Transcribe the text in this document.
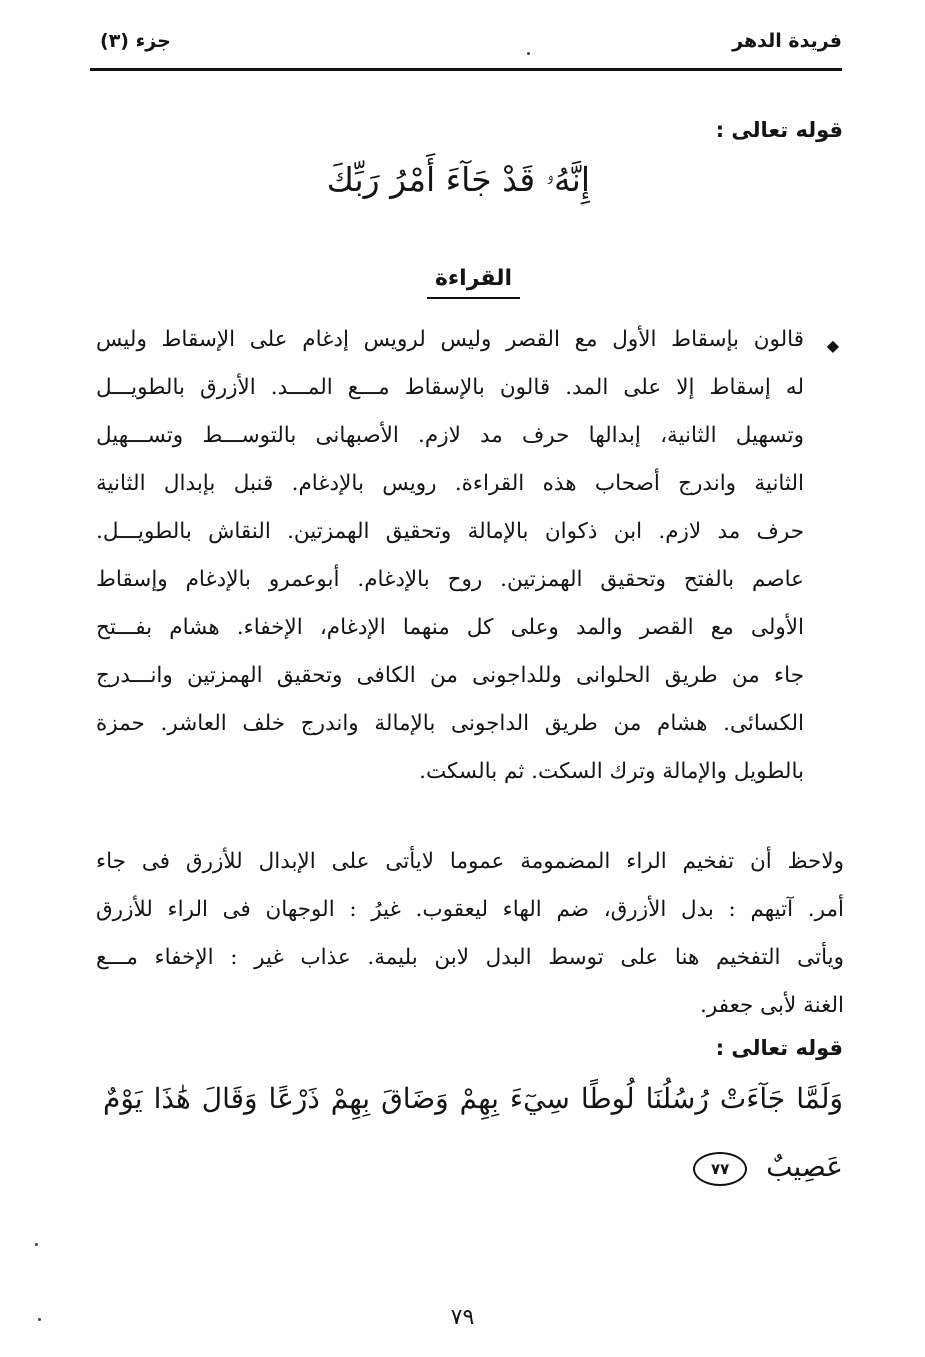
فريدة الدهر
جزء (٣)
قوله تعالى :
إِنَّهُۥ قَدْ جَآءَ أَمْرُ رَبِّكَ
القراءة
◆
قالون بإسقاط الأول مع القصر وليس لرويس إدغام على الإسقاط وليس
له إسقاط إلا على المد. قالون بالإسقاط مـــع المـــد. الأزرق بالطويـــل
وتسهيل الثانية، إبدالها حرف مد لازم. الأصبهانى بالتوســـط وتســـهيل
الثانية واندرج أصحاب هذه القراءة. رويس بالإدغام. قنبل بإبدال الثانية
حرف مد لازم. ابن ذكوان بالإمالة وتحقيق الهمزتين. النقاش بالطويـــل.
عاصم بالفتح وتحقيق الهمزتين. روح بالإدغام. أبوعمرو بالإدغام وإسقاط
الأولى مع القصر والمد وعلى كل منهما الإدغام، الإخفاء. هشام بفـــتح
جاء من طريق الحلوانى وللداجونى من الكافى وتحقيق الهمزتين وانـــدرج
الكسائى. هشام من طريق الداجونى بالإمالة واندرج خلف العاشر. حمزة
بالطويل والإمالة وترك السكت. ثم بالسكت.
ولاحظ أن تفخيم الراء المضمومة عموما لايأتى على الإبدال للأزرق فى جاء
أمر. آتيهم : بدل الأزرق، ضم الهاء ليعقوب. غيرُ : الوجهان فى الراء للأزرق
ويأتى التفخيم هنا على توسط البدل لابن بليمة. عذاب غير : الإخفاء مـــع
الغنة لأبى جعفر.
قوله تعالى :
وَلَمَّا جَآءَتْ رُسُلُنَا لُوطًا سِيٓءَ بِهِمْ وَضَاقَ بِهِمْ ذَرْعًا وَقَالَ هَٰذَا يَوْمٌ
عَصِيبٌ ٧٧
٧٩
